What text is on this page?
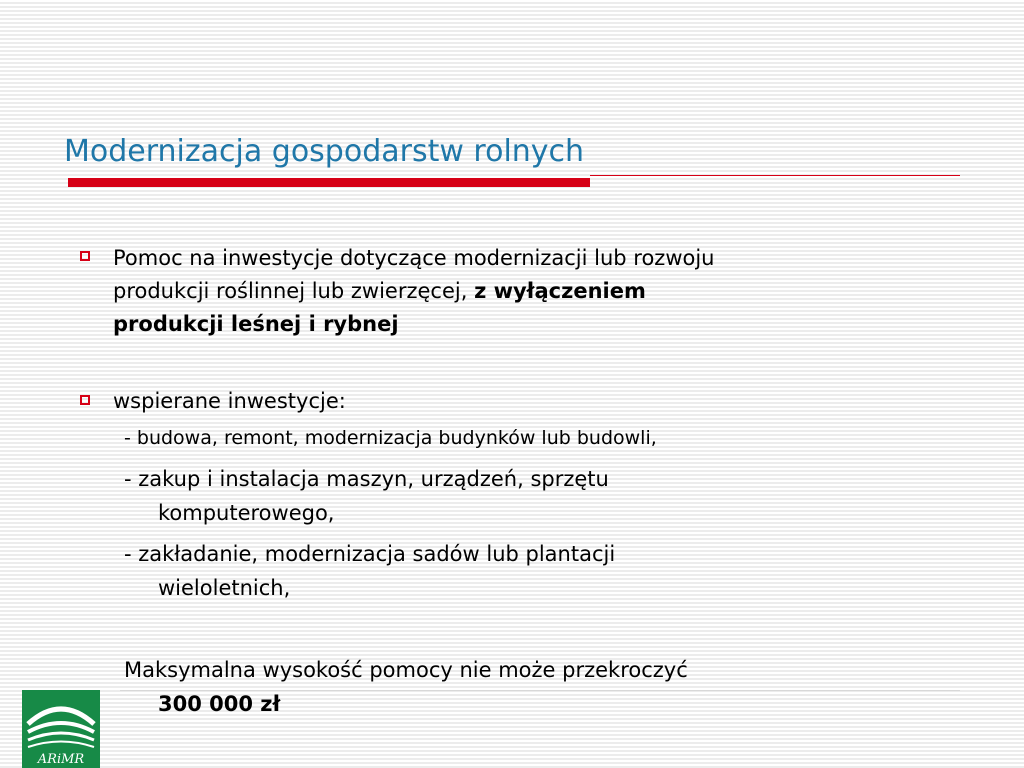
Modernizacja gospodarstw rolnych
Pomoc na inwestycje dotyczące modernizacji lub rozwoju
produkcji roślinnej lub zwierzęcej, z wyłączeniem
produkcji leśnej i rybnej
wspierane inwestycje:
- budowa, remont, modernizacja budynków lub budowli,
- zakup i instalacja maszyn, urządzeń, sprzętu
komputerowego,
- zakładanie, modernizacja sadów lub plantacji
wieloletnich,
Maksymalna wysokość pomocy nie może przekroczyć
300 000 zł
ARiMR
